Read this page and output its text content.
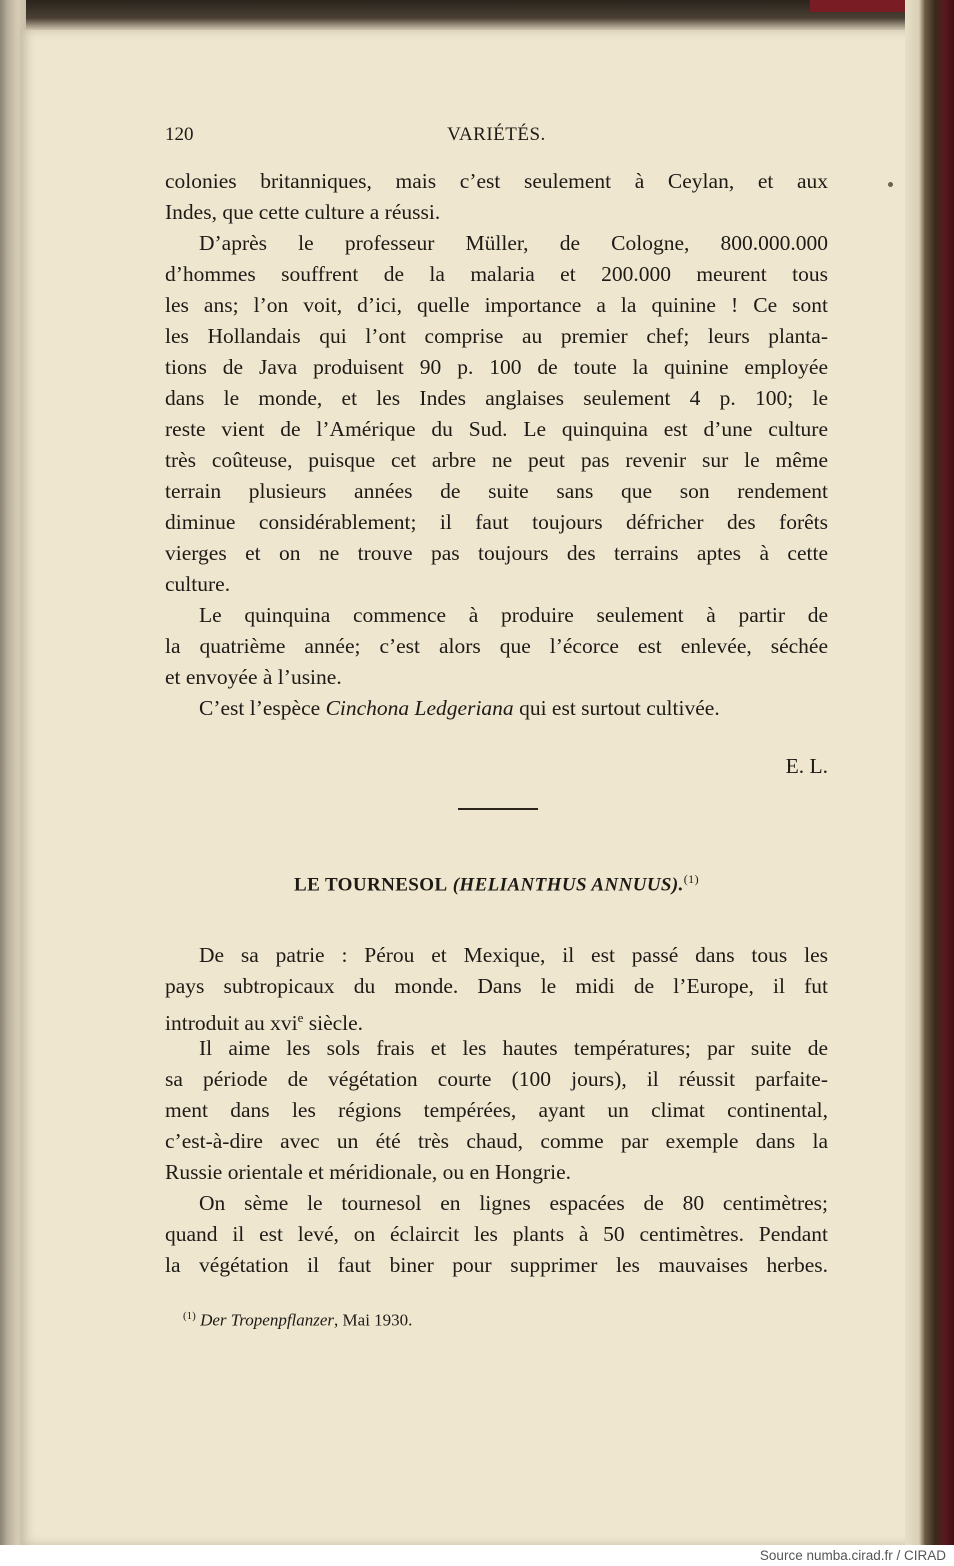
120	VARIÉTÉS.
colonies britanniques, mais c’est seulement à Ceylan, et aux
Indes, que cette culture a réussi.
D’après le professeur Müller, de Cologne, 800.000.000
d’hommes souffrent de la malaria et 200.000 meurent tous
les ans; l’on voit, d’ici, quelle importance a la quinine ! Ce sont
les Hollandais qui l’ont comprise au premier chef; leurs planta-
tions de Java produisent 90 p. 100 de toute la quinine employée
dans le monde, et les Indes anglaises seulement 4 p. 100; le
reste vient de l’Amérique du Sud. Le quinquina est d’une culture
très coûteuse, puisque cet arbre ne peut pas revenir sur le même
terrain plusieurs années de suite sans que son rendement
diminue considérablement; il faut toujours défricher des forêts
vierges et on ne trouve pas toujours des terrains aptes à cette
culture.
Le quinquina commence à produire seulement à partir de
la quatrième année; c’est alors que l’écorce est enlevée, séchée
et envoyée à l’usine.
C’est l’espèce Cinchona Ledgeriana qui est surtout cultivée.
E. L.
LE TOURNESOL (HELIANTHUS ANNUUS).$^{(1)}$
De sa patrie : Pérou et Mexique, il est passé dans tous les
pays subtropicaux du monde. Dans le midi de l’Europe, il fut
introduit au xvi$^e$ siècle.
Il aime les sols frais et les hautes températures; par suite de
sa période de végétation courte (100 jours), il réussit parfaite-
ment dans les régions tempérées, ayant un climat continental,
c’est-à-dire avec un été très chaud, comme par exemple dans la
Russie orientale et méridionale, ou en Hongrie.
On sème le tournesol en lignes espacées de 80 centimètres;
quand il est levé, on éclaircit les plants à 50 centimètres. Pendant
la végétation il faut biner pour supprimer les mauvaises herbes.
$^{(1)}$ Der Tropenpflanzer, Mai 1930.
Source numba.cirad.fr / CIRAD
